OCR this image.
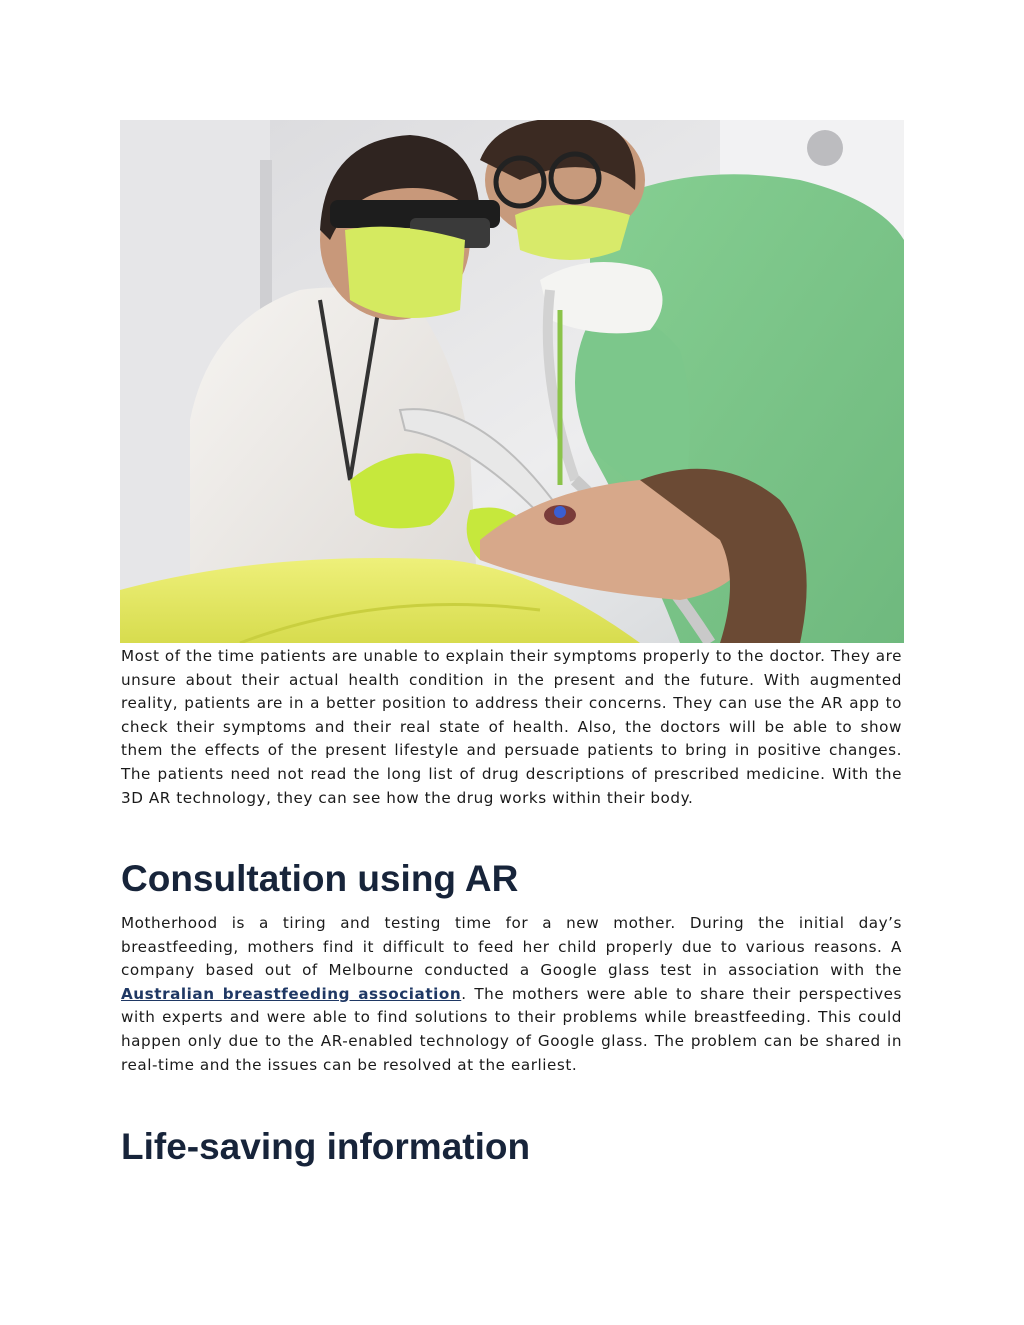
Most of the time patients are unable to explain their symptoms properly to the doctor. They are unsure about their actual health condition in the present and the future. With augmented reality, patients are in a better position to address their concerns. They can use the AR app to check their symptoms and their real state of health. Also, the doctors will be able to show them the effects of the present lifestyle and persuade patients to bring in positive changes. The patients need not read the long list of drug descriptions of prescribed medicine. With the 3D AR technology, they can see how the drug works within their body.

Consultation using AR

Motherhood is a tiring and testing time for a new mother. During the initial day’s breastfeeding, mothers find it difficult to feed her child properly due to various reasons. A company based out of Melbourne conducted a Google glass test in association with the Australian breastfeeding association. The mothers were able to share their perspectives with experts and were able to find solutions to their problems while breastfeeding. This could happen only due to the AR-enabled technology of Google glass. The problem can be shared in real-time and the issues can be resolved at the earliest.

Life-saving information
